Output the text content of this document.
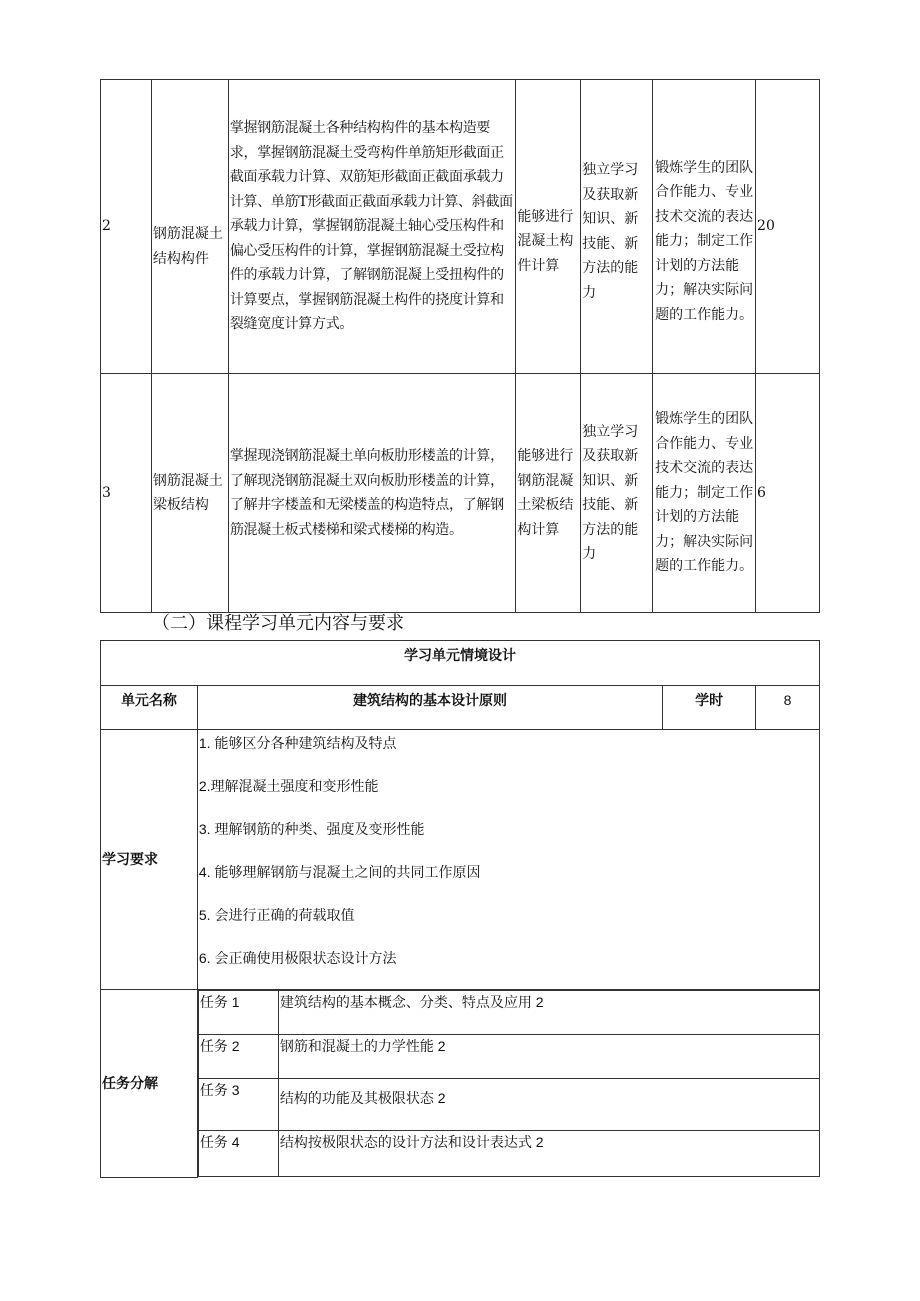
2	钢筋混凝土结构构件	掌握钢筋混凝土各种结构构件的基本构造要求，掌握钢筋混凝土受弯构件单筋矩形截面正截面承载力计算、双筋矩形截面正截面承载力计算、单筋T形截面正截面承载力计算、斜截面承载力计算，掌握钢筋混凝土轴心受压构件和偏心受压构件的计算，掌握钢筋混凝土受拉构件的承载力计算，了解钢筋混凝上受扭构件的计算要点，掌握钢筋混凝土构件的挠度计算和裂缝宽度计算方式。	能够进行混凝土构件计算	独立学习及获取新知识、新技能、新方法的能力	锻炼学生的团队合作能力、专业技术交流的表达能力；制定工作计划的方法能力；解决实际问题的工作能力。	20
3	钢筋混凝土梁板结构	掌握现浇钢筋混凝土单向板肋形楼盖的计算，了解现浇钢筋混凝土双向板肋形楼盖的计算，了解井字楼盖和无梁楼盖的构造特点，了解钢筋混凝土板式楼梯和梁式楼梯的构造。	能够进行钢筋混凝土梁板结构计算	独立学习及获取新知识、新技能、新方法的能力	锻炼学生的团队合作能力、专业技术交流的表达能力；制定工作计划的方法能力；解决实际问题的工作能力。	6
（二）课程学习单元内容与要求
学习单元情境设计
单元名称	建筑结构的基本设计原则	学时	8
学习要求	

1. 能够区分各种建筑结构及特点

2.理解混凝土强度和变形性能

3. 理解钢筋的种类、强度及变形性能

4. 能够理解钢筋与混凝土之间的共同工作原因

5. 会进行正确的荷载取值

6. 会正确使用极限状态设计方法

任务分解	
任务 1	建筑结构的基本概念、分类、特点及应用 2
任务 2	钢筋和混凝土的力学性能 2
任务 3	结构的功能及其极限状态 2
任务 4	结构按极限状态的设计方法和设计表达式 2
